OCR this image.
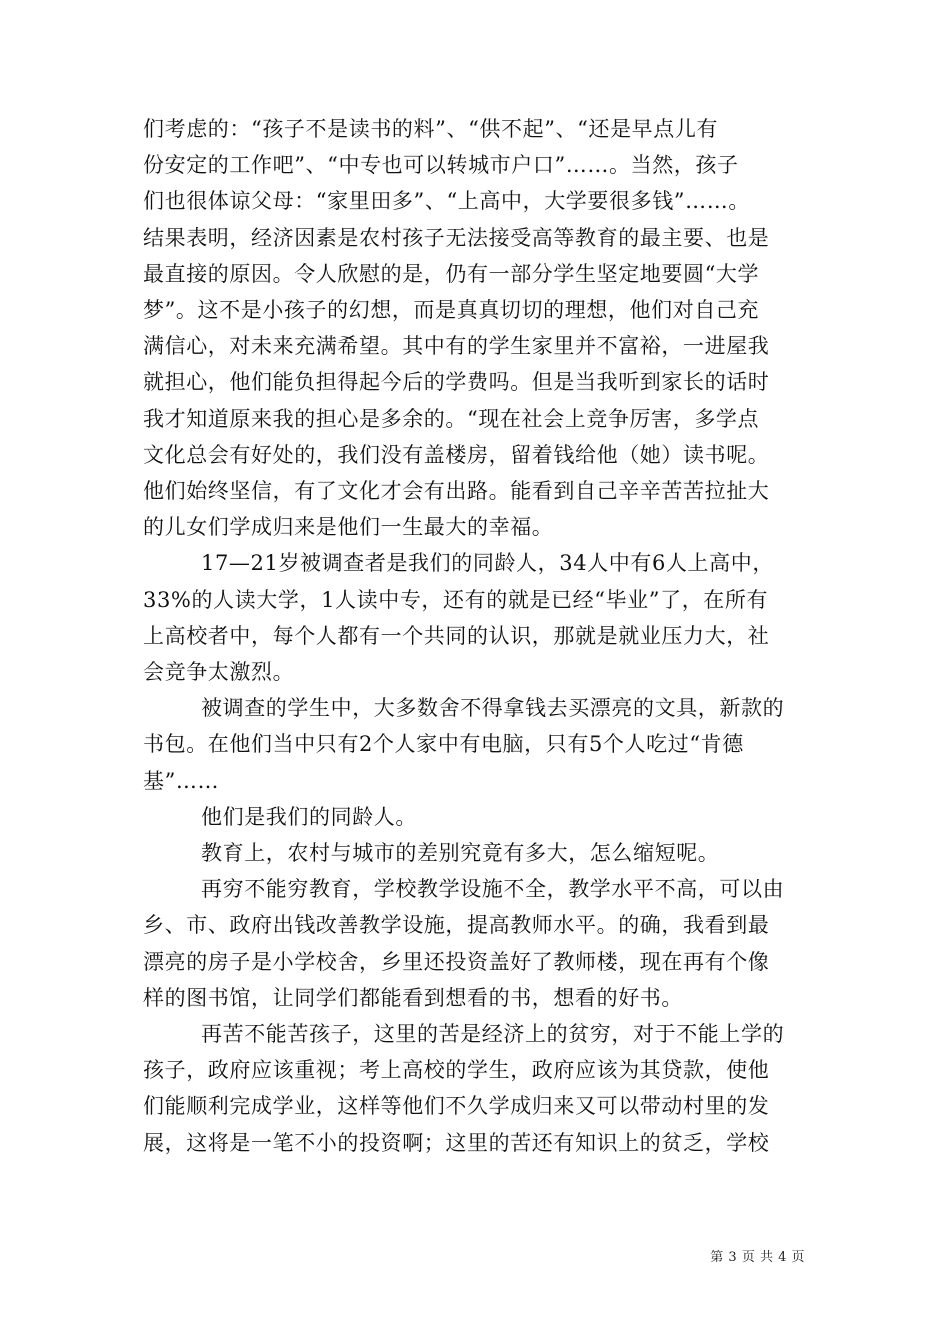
们考虑的：“孩子不是读书的料”、“供不起”、“还是早点儿有
份安定的工作吧”、“中专也可以转城市户口”……。当然，孩子
们也很体谅父母：“家里田多”、“上高中，大学要很多钱”……。
结果表明，经济因素是农村孩子无法接受高等教育的最主要、也是
最直接的原因。令人欣慰的是，仍有一部分学生坚定地要圆“大学
梦”。这不是小孩子的幻想，而是真真切切的理想，他们对自己充
满信心，对未来充满希望。其中有的学生家里并不富裕，一进屋我
就担心，他们能负担得起今后的学费吗。但是当我听到家长的话时
我才知道原来我的担心是多余的。“现在社会上竞争厉害，多学点
文化总会有好处的，我们没有盖楼房，留着钱给他（她）读书呢。
他们始终坚信，有了文化才会有出路。能看到自己辛辛苦苦拉扯大
的儿女们学成归来是他们一生最大的幸福。

17—21岁被调查者是我们的同龄人，34人中有6人上高中，
33%的人读大学，1人读中专，还有的就是已经“毕业”了，在所有
上高校者中，每个人都有一个共同的认识，那就是就业压力大，社
会竞争太激烈。

被调查的学生中，大多数舍不得拿钱去买漂亮的文具，新款的
书包。在他们当中只有2个人家中有电脑，只有5个人吃过“肯德
基”……

他们是我们的同龄人。

教育上，农村与城市的差别究竟有多大，怎么缩短呢。

再穷不能穷教育，学校教学设施不全，教学水平不高，可以由
乡、市、政府出钱改善教学设施，提高教师水平。的确，我看到最
漂亮的房子是小学校舍，乡里还投资盖好了教师楼，现在再有个像
样的图书馆，让同学们都能看到想看的书，想看的好书。

再苦不能苦孩子，这里的苦是经济上的贫穷，对于不能上学的
孩子，政府应该重视；考上高校的学生，政府应该为其贷款，使他
们能顺利完成学业，这样等他们不久学成归来又可以带动村里的发
展，这将是一笔不小的投资啊；这里的苦还有知识上的贫乏，学校

第 3 页 共 4 页
